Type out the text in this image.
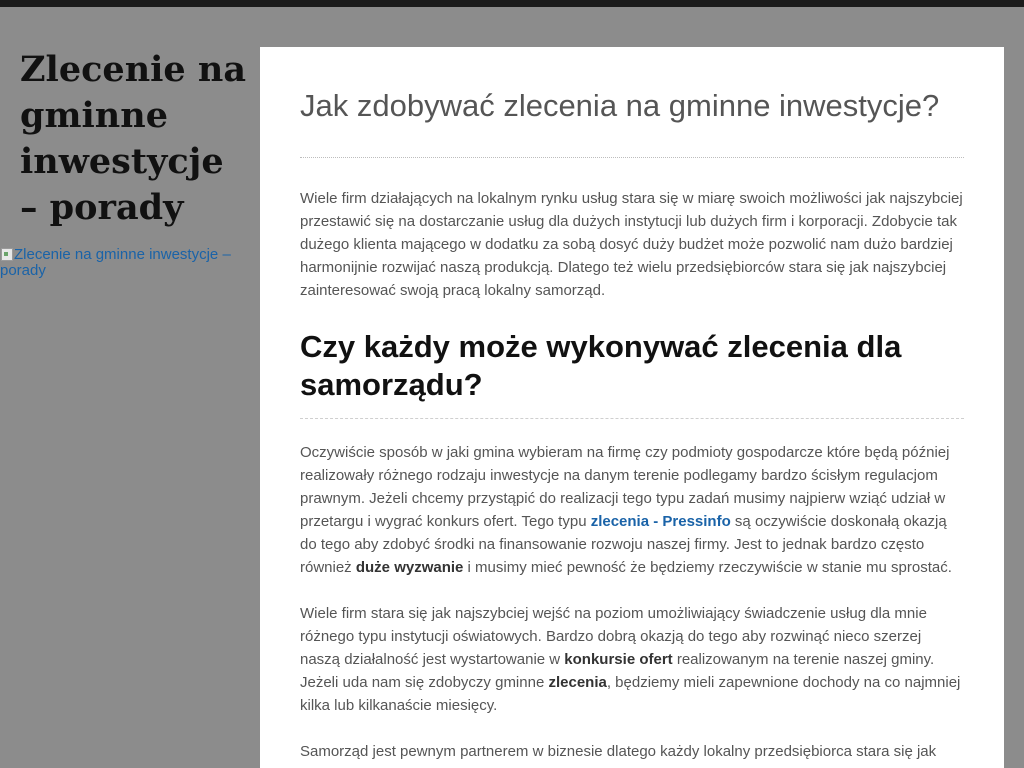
Zlecenie na gminne inwestycje – porady
Zlecenie na gminne inwestycje – porady
Jak zdobywać zlecenia na gminne inwestycje?

Wiele firm działających na lokalnym rynku usług stara się w miarę swoich możliwości jak najszybciej przestawić się na dostarczanie usług dla dużych instytucji lub dużych firm i korporacji. Zdobycie tak dużego klienta mającego w dodatku za sobą dosyć duży budżet może pozwolić nam dużo bardziej harmonijnie rozwijać naszą produkcją. Dlatego też wielu przedsiębiorców stara się jak najszybciej zainteresować swoją pracą lokalny samorząd.

Czy każdy może wykonywać zlecenia dla samorządu?

Oczywiście sposób w jaki gmina wybieram na firmę czy podmioty gospodarcze które będą później realizowały różnego rodzaju inwestycje na danym terenie podlegamy bardzo ścisłym regulacjom prawnym. Jeżeli chcemy przystąpić do realizacji tego typu zadań musimy najpierw wziąć udział w przetargu i wygrać konkurs ofert. Tego typu zlecenia - Pressinfo są oczywiście doskonałą okazją do tego aby zdobyć środki na finansowanie rozwoju naszej firmy. Jest to jednak bardzo często również duże wyzwanie i musimy mieć pewność że będziemy rzeczywiście w stanie mu sprostać.

Wiele firm stara się jak najszybciej wejść na poziom umożliwiający świadczenie usług dla mnie różnego typu instytucji oświatowych. Bardzo dobrą okazją do tego aby rozwinąć nieco szerzej naszą działalność jest wystartowanie w konkursie ofert realizowanym na terenie naszej gminy. Jeżeli uda nam się zdobyczy gminne zlecenia, będziemy mieli zapewnione dochody na co najmniej kilka lub kilkanaście miesięcy.

Samorząd jest pewnym partnerem w biznesie dlatego każdy lokalny przedsiębiorca stara się jak
